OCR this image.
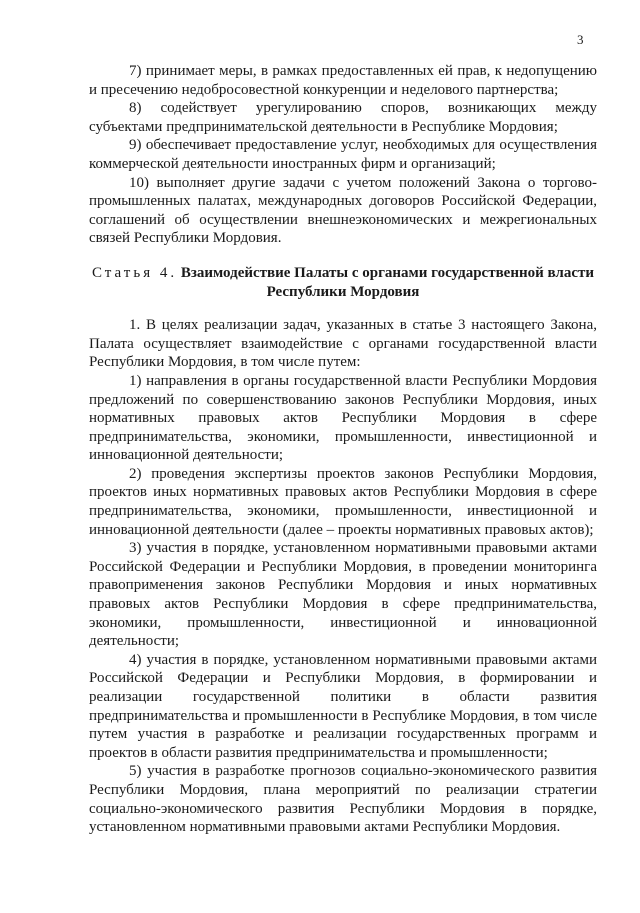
3

7) принимает меры, в рамках предоставленных ей прав, к недопущению и пресечению недобросовестной конкуренции и неделового партнерства;

8) содействует урегулированию споров, возникающих между субъектами предпринимательской деятельности в Республике Мордовия;

9) обеспечивает предоставление услуг, необходимых для осуществления коммерческой деятельности иностранных фирм и организаций;

10) выполняет другие задачи с учетом положений Закона о торгово-промышленных палатах, международных договоров Российской Федерации, соглашений об осуществлении внешнеэкономических и межрегиональных связей Республики Мордовия.

Статья 4. Взаимодействие Палаты с органами государственной власти Республики Мордовия

1. В целях реализации задач, указанных в статье 3 настоящего Закона, Палата осуществляет взаимодействие с органами государственной власти Республики Мордовия, в том числе путем:

1) направления в органы государственной власти Республики Мордовия предложений по совершенствованию законов Республики Мордовия, иных нормативных правовых актов Республики Мордовия в сфере предпринимательства, экономики, промышленности, инвестиционной и инновационной деятельности;

2) проведения экспертизы проектов законов Республики Мордовия, проектов иных нормативных правовых актов Республики Мордовия в сфере предпринимательства, экономики, промышленности, инвестиционной и инновационной деятельности (далее – проекты нормативных правовых актов);

3) участия в порядке, установленном нормативными правовыми актами Российской Федерации и Республики Мордовия, в проведении мониторинга правоприменения законов Республики Мордовия и иных нормативных правовых актов Республики Мордовия в сфере предпринимательства, экономики, промышленности, инвестиционной и инновационной деятельности;

4) участия в порядке, установленном нормативными правовыми актами Российской Федерации и Республики Мордовия, в формировании и реализации государственной политики в области развития предпринимательства и промышленности в Республике Мордовия, в том числе путем участия в разработке и реализации государственных программ и проектов в области развития предпринимательства и промышленности;

5) участия в разработке прогнозов социально-экономического развития Республики Мордовия, плана мероприятий по реализации стратегии социально-экономического развития Республики Мордовия в порядке, установленном нормативными правовыми актами Республики Мордовия.
